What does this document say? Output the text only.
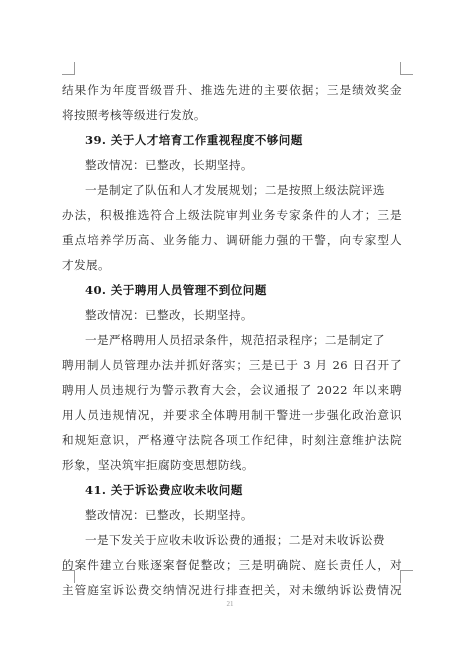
结果作为年度晋级晋升、推选先进的主要依据；三是绩效奖金
将按照考核等级进行发放。
39. 关于人才培育工作重视程度不够问题
整改情况：已整改，长期坚持。
一是制定了队伍和人才发展规划；二是按照上级法院评选
办法，积极推选符合上级法院审判业务专家条件的人才；三是
重点培养学历高、业务能力、调研能力强的干警，向专家型人
才发展。
40. 关于聘用人员管理不到位问题
整改情况：已整改，长期坚持。
一是严格聘用人员招录条件，规范招录程序；二是制定了
聘用制人员管理办法并抓好落实；三是已于 3 月 26 日召开了
聘用人员违规行为警示教育大会，会议通报了 2022 年以来聘
用人员违规情况，并要求全体聘用制干警进一步强化政治意识
和规矩意识，严格遵守法院各项工作纪律，时刻注意维护法院
形象，坚决筑牢拒腐防变思想防线。
41. 关于诉讼费应收未收问题
整改情况：已整改，长期坚持。
一是下发关于应收未收诉讼费的通报；二是对未收诉讼费
的案件建立台账逐案督促整改；三是明确院、庭长责任人，对
主管庭室诉讼费交纳情况进行排查把关，对未缴纳诉讼费情况
21
